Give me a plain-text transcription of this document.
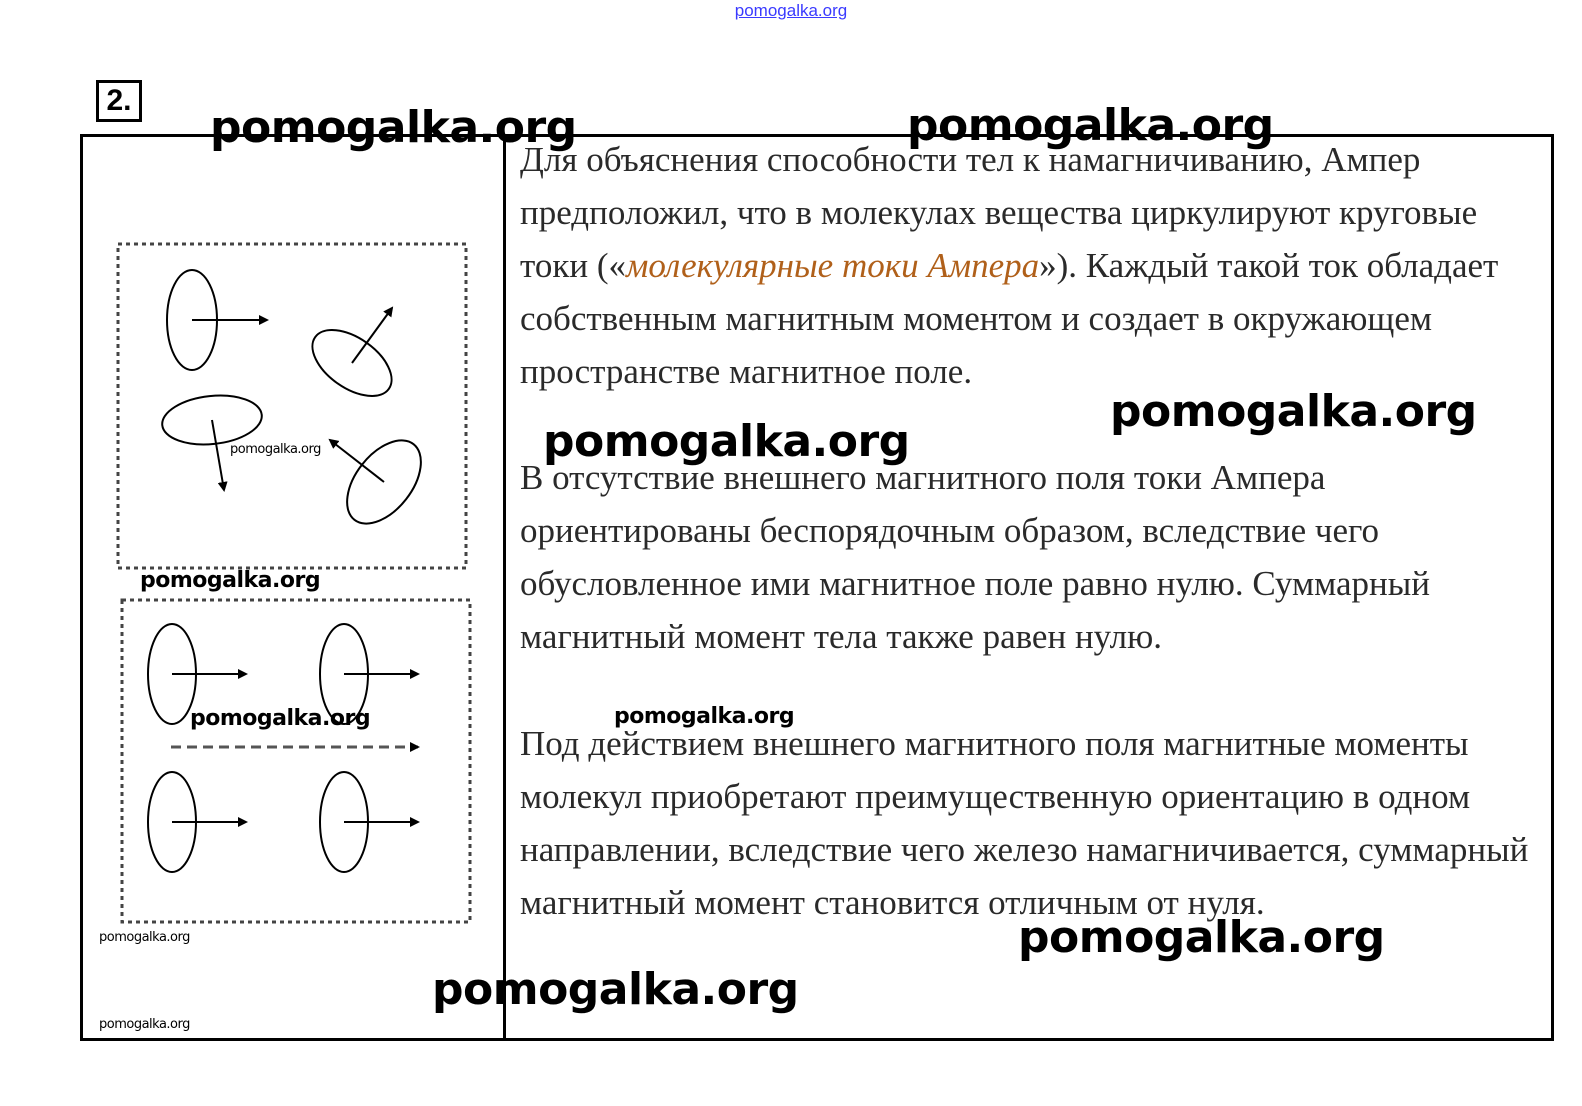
pomogalka.org
2.

Для объяснения способности тел к намагничиванию, Ампер предположил, что в молекулах вещества циркулируют круговые токи («молекулярные токи Ампера»). Каждый такой ток обладает собственным магнитным моментом и создает в окружающем пространстве магнитное поле.

В отсутствие внешнего магнитного поля токи Ампера ориентированы беспорядочным образом, вследствие чего обусловленное ими магнитное поле равно нулю. Суммарный магнитный момент тела также равен нулю.

Под действием внешнего магнитного поля магнитные моменты молекул приобретают преимущественную ориентацию в одном направлении, вследствие чего железо намагничивается, суммарный магнитный момент становится отличным от нуля.

pomogalka.org	pomogalka.org
pomogalka.org
pomogalka.org
pomogalka.org
pomogalka.org
pomogalka.org
pomogalka.org	pomogalka.org
pomogalka.org
pomogalka.org
pomogalka.org
